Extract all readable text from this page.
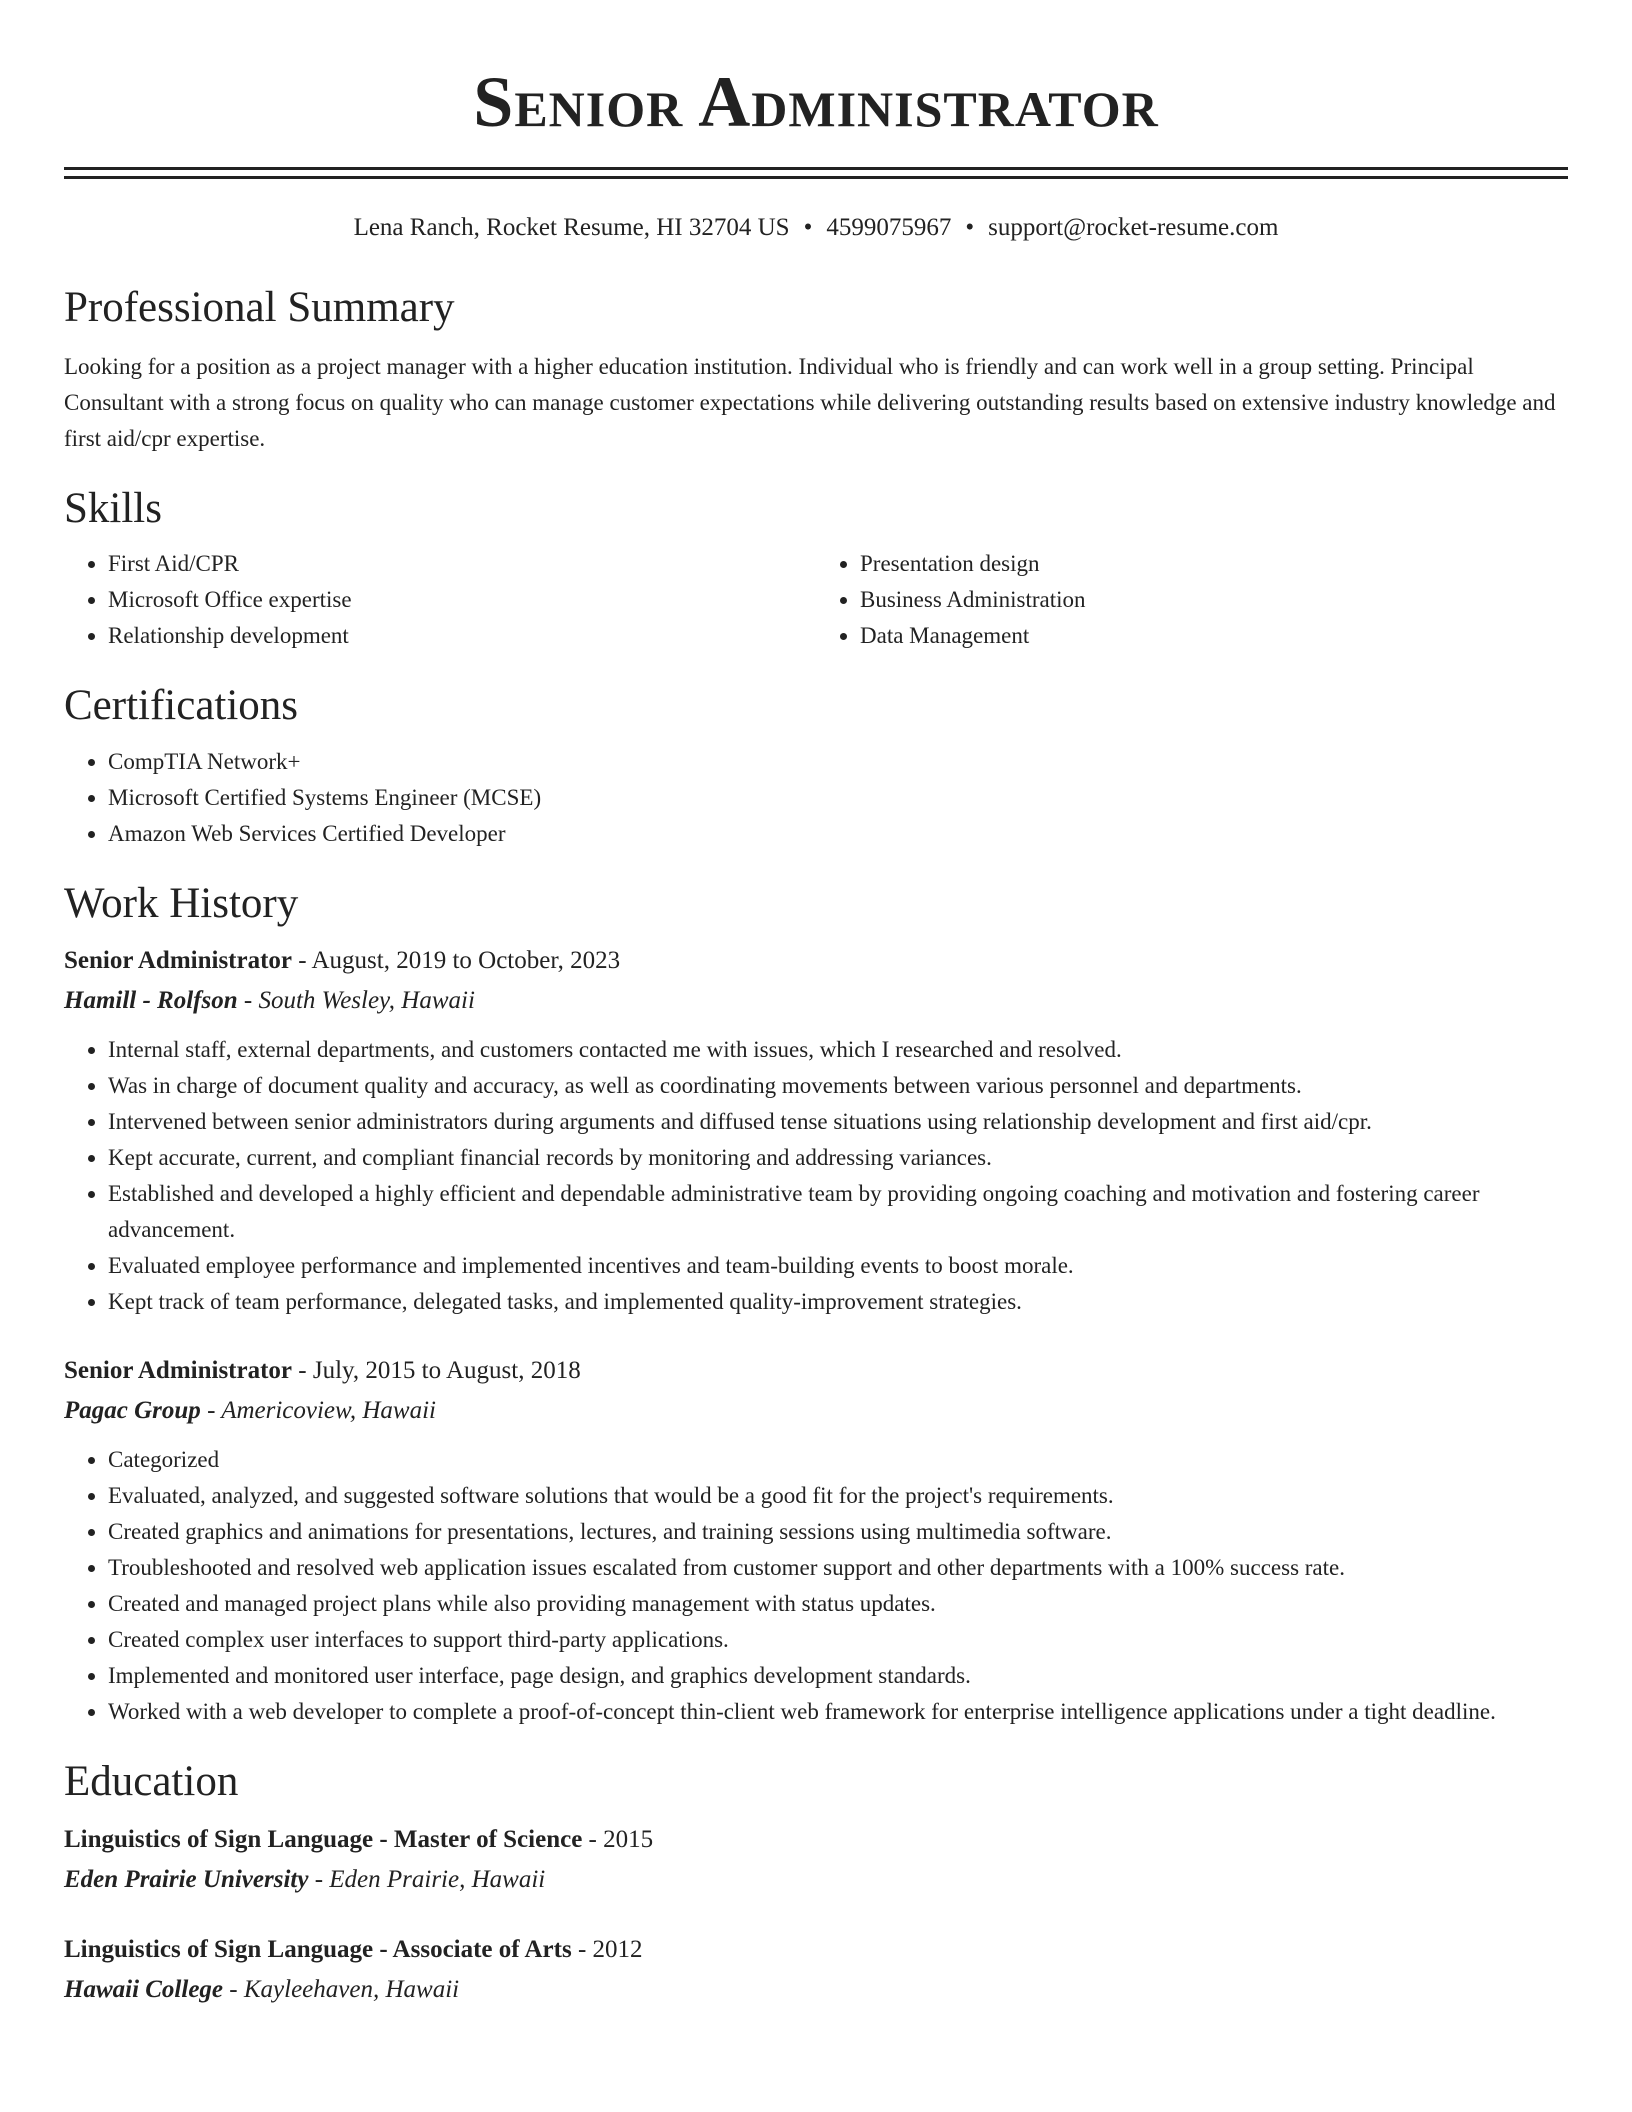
Senior Administrator
Lena Ranch, Rocket Resume, HI 32704 US • 4599075967 • support@rocket-resume.com
Professional Summary

Looking for a position as a project manager with a higher education institution. Individual who is friendly and can work well in a group setting. Principal Consultant with a strong focus on quality who can manage customer expectations while delivering outstanding results based on extensive industry knowledge and first aid/cpr expertise.

Skills
• First Aid/CPR
• Microsoft Office expertise
• Relationship development
• Presentation design
• Business Administration
• Data Management
Certifications
• CompTIA Network+
• Microsoft Certified Systems Engineer (MCSE)
• Amazon Web Services Certified Developer
Work History

Senior Administrator - August, 2019 to October, 2023

Hamill - Rolfson - South Wesley, Hawaii

• Internal staff, external departments, and customers contacted me with issues, which I researched and resolved.
• Was in charge of document quality and accuracy, as well as coordinating movements between various personnel and departments.
• Intervened between senior administrators during arguments and diffused tense situations using relationship development and first aid/cpr.
• Kept accurate, current, and compliant financial records by monitoring and addressing variances.
• Established and developed a highly efficient and dependable administrative team by providing ongoing coaching and motivation and fostering career advancement.
• Evaluated employee performance and implemented incentives and team-building events to boost morale.
• Kept track of team performance, delegated tasks, and implemented quality-improvement strategies.

Senior Administrator - July, 2015 to August, 2018

Pagac Group - Americoview, Hawaii

• Categorized
• Evaluated, analyzed, and suggested software solutions that would be a good fit for the project's requirements.
• Created graphics and animations for presentations, lectures, and training sessions using multimedia software.
• Troubleshooted and resolved web application issues escalated from customer support and other departments with a 100% success rate.
• Created and managed project plans while also providing management with status updates.
• Created complex user interfaces to support third-party applications.
• Implemented and monitored user interface, page design, and graphics development standards.
• Worked with a web developer to complete a proof-of-concept thin-client web framework for enterprise intelligence applications under a tight deadline.
Education

Linguistics of Sign Language - Master of Science - 2015

Eden Prairie University - Eden Prairie, Hawaii

Linguistics of Sign Language - Associate of Arts - 2012

Hawaii College - Kayleehaven, Hawaii
